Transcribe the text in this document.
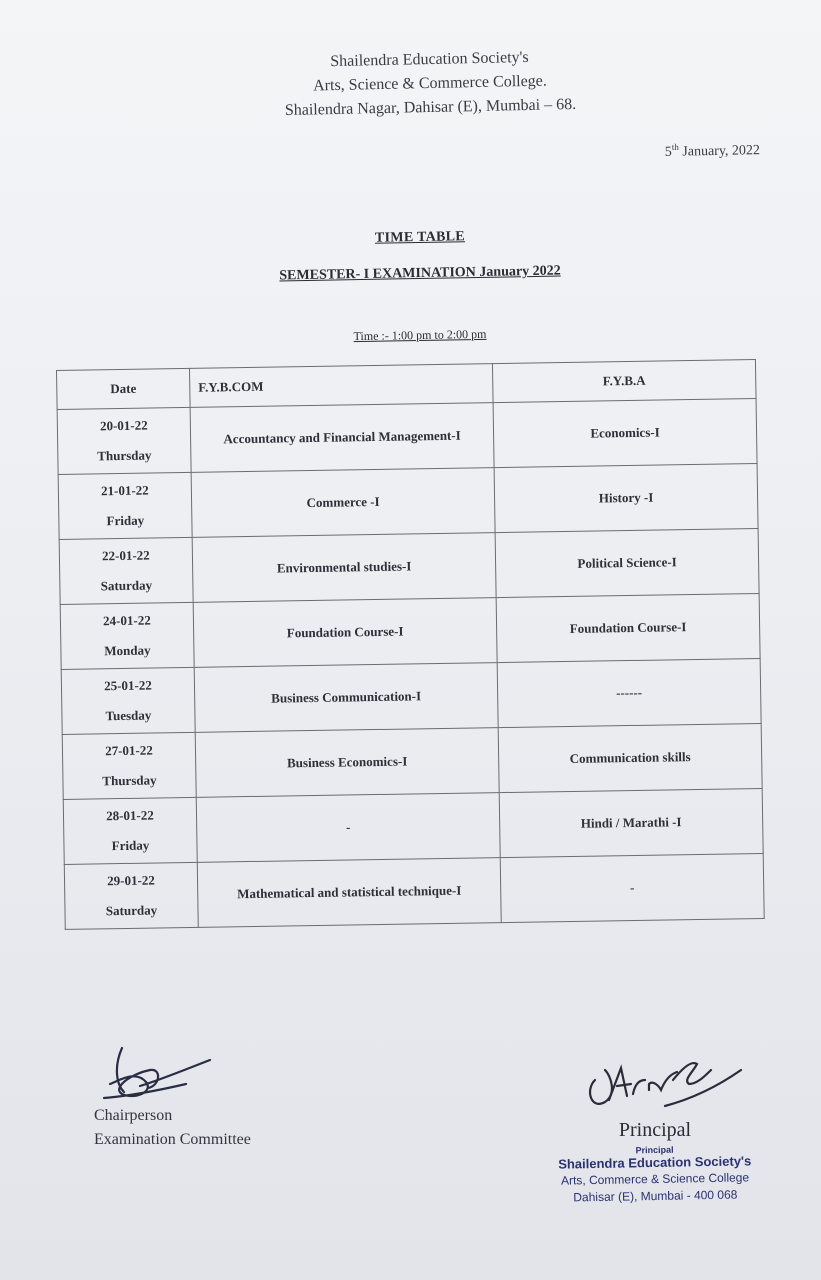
Shailendra Education Society's
Arts, Science & Commerce College.
Shailendra Nagar, Dahisar (E), Mumbai – 68.
5th January, 2022
TIME TABLE
SEMESTER- I EXAMINATION January 2022
Time :- 1:00 pm to 2:00 pm
Date	F.Y.B.COM	F.Y.B.A

20-01-22
Thursday	Accountancy and Financial Management-I	Economics-I

21-01-22
Friday	Commerce -I	History -I

22-01-22
Saturday	Environmental studies-I	Political Science-I

24-01-22
Monday	Foundation Course-I	Foundation Course-I

25-01-22
Tuesday	Business Communication-I	------

27-01-22
Thursday	Business Economics-I	Communication skills

28-01-22
Friday	-	Hindi / Marathi -I

29-01-22
Saturday	Mathematical and statistical technique-I	-
Chairperson
Examination Committee	Principal
Principal
Shailendra Education Society's
Arts, Commerce & Science College
Dahisar (E), Mumbai - 400 068
